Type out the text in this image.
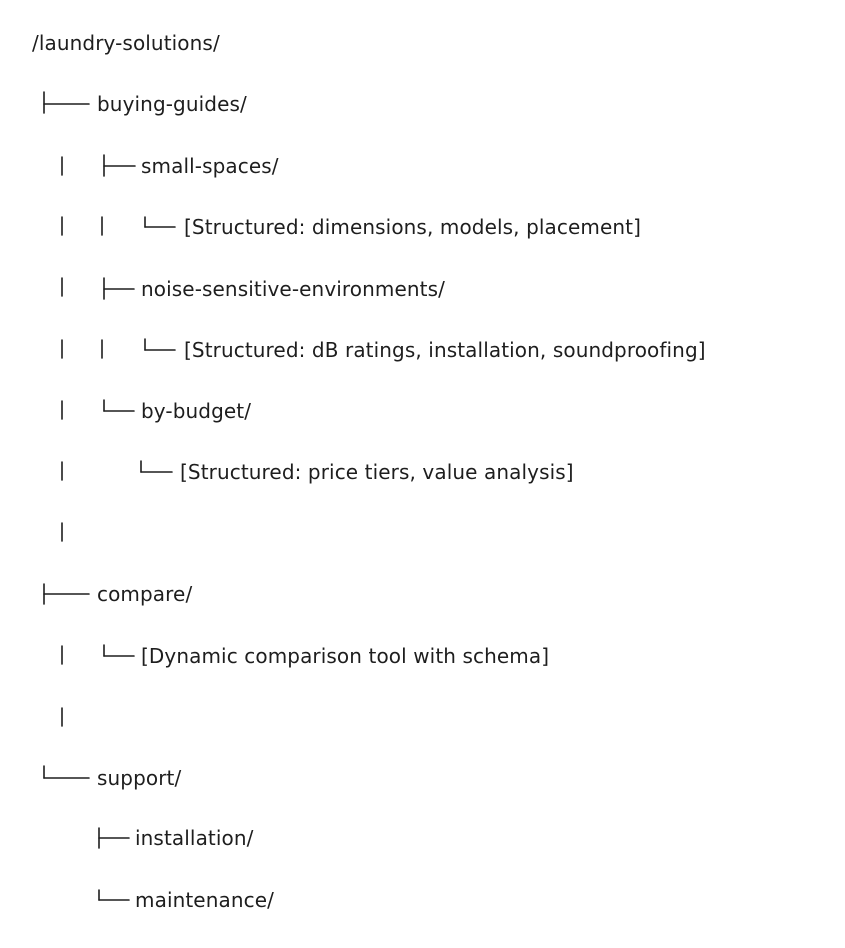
/laundry-solutions/
buying-guides/
small-spaces/
[Structured: dimensions, models, placement]
noise-sensitive-environments/
[Structured: dB ratings, installation, soundproofing]
by-budget/
[Structured: price tiers, value analysis]
compare/
[Dynamic comparison tool with schema]
support/
installation/
maintenance/
